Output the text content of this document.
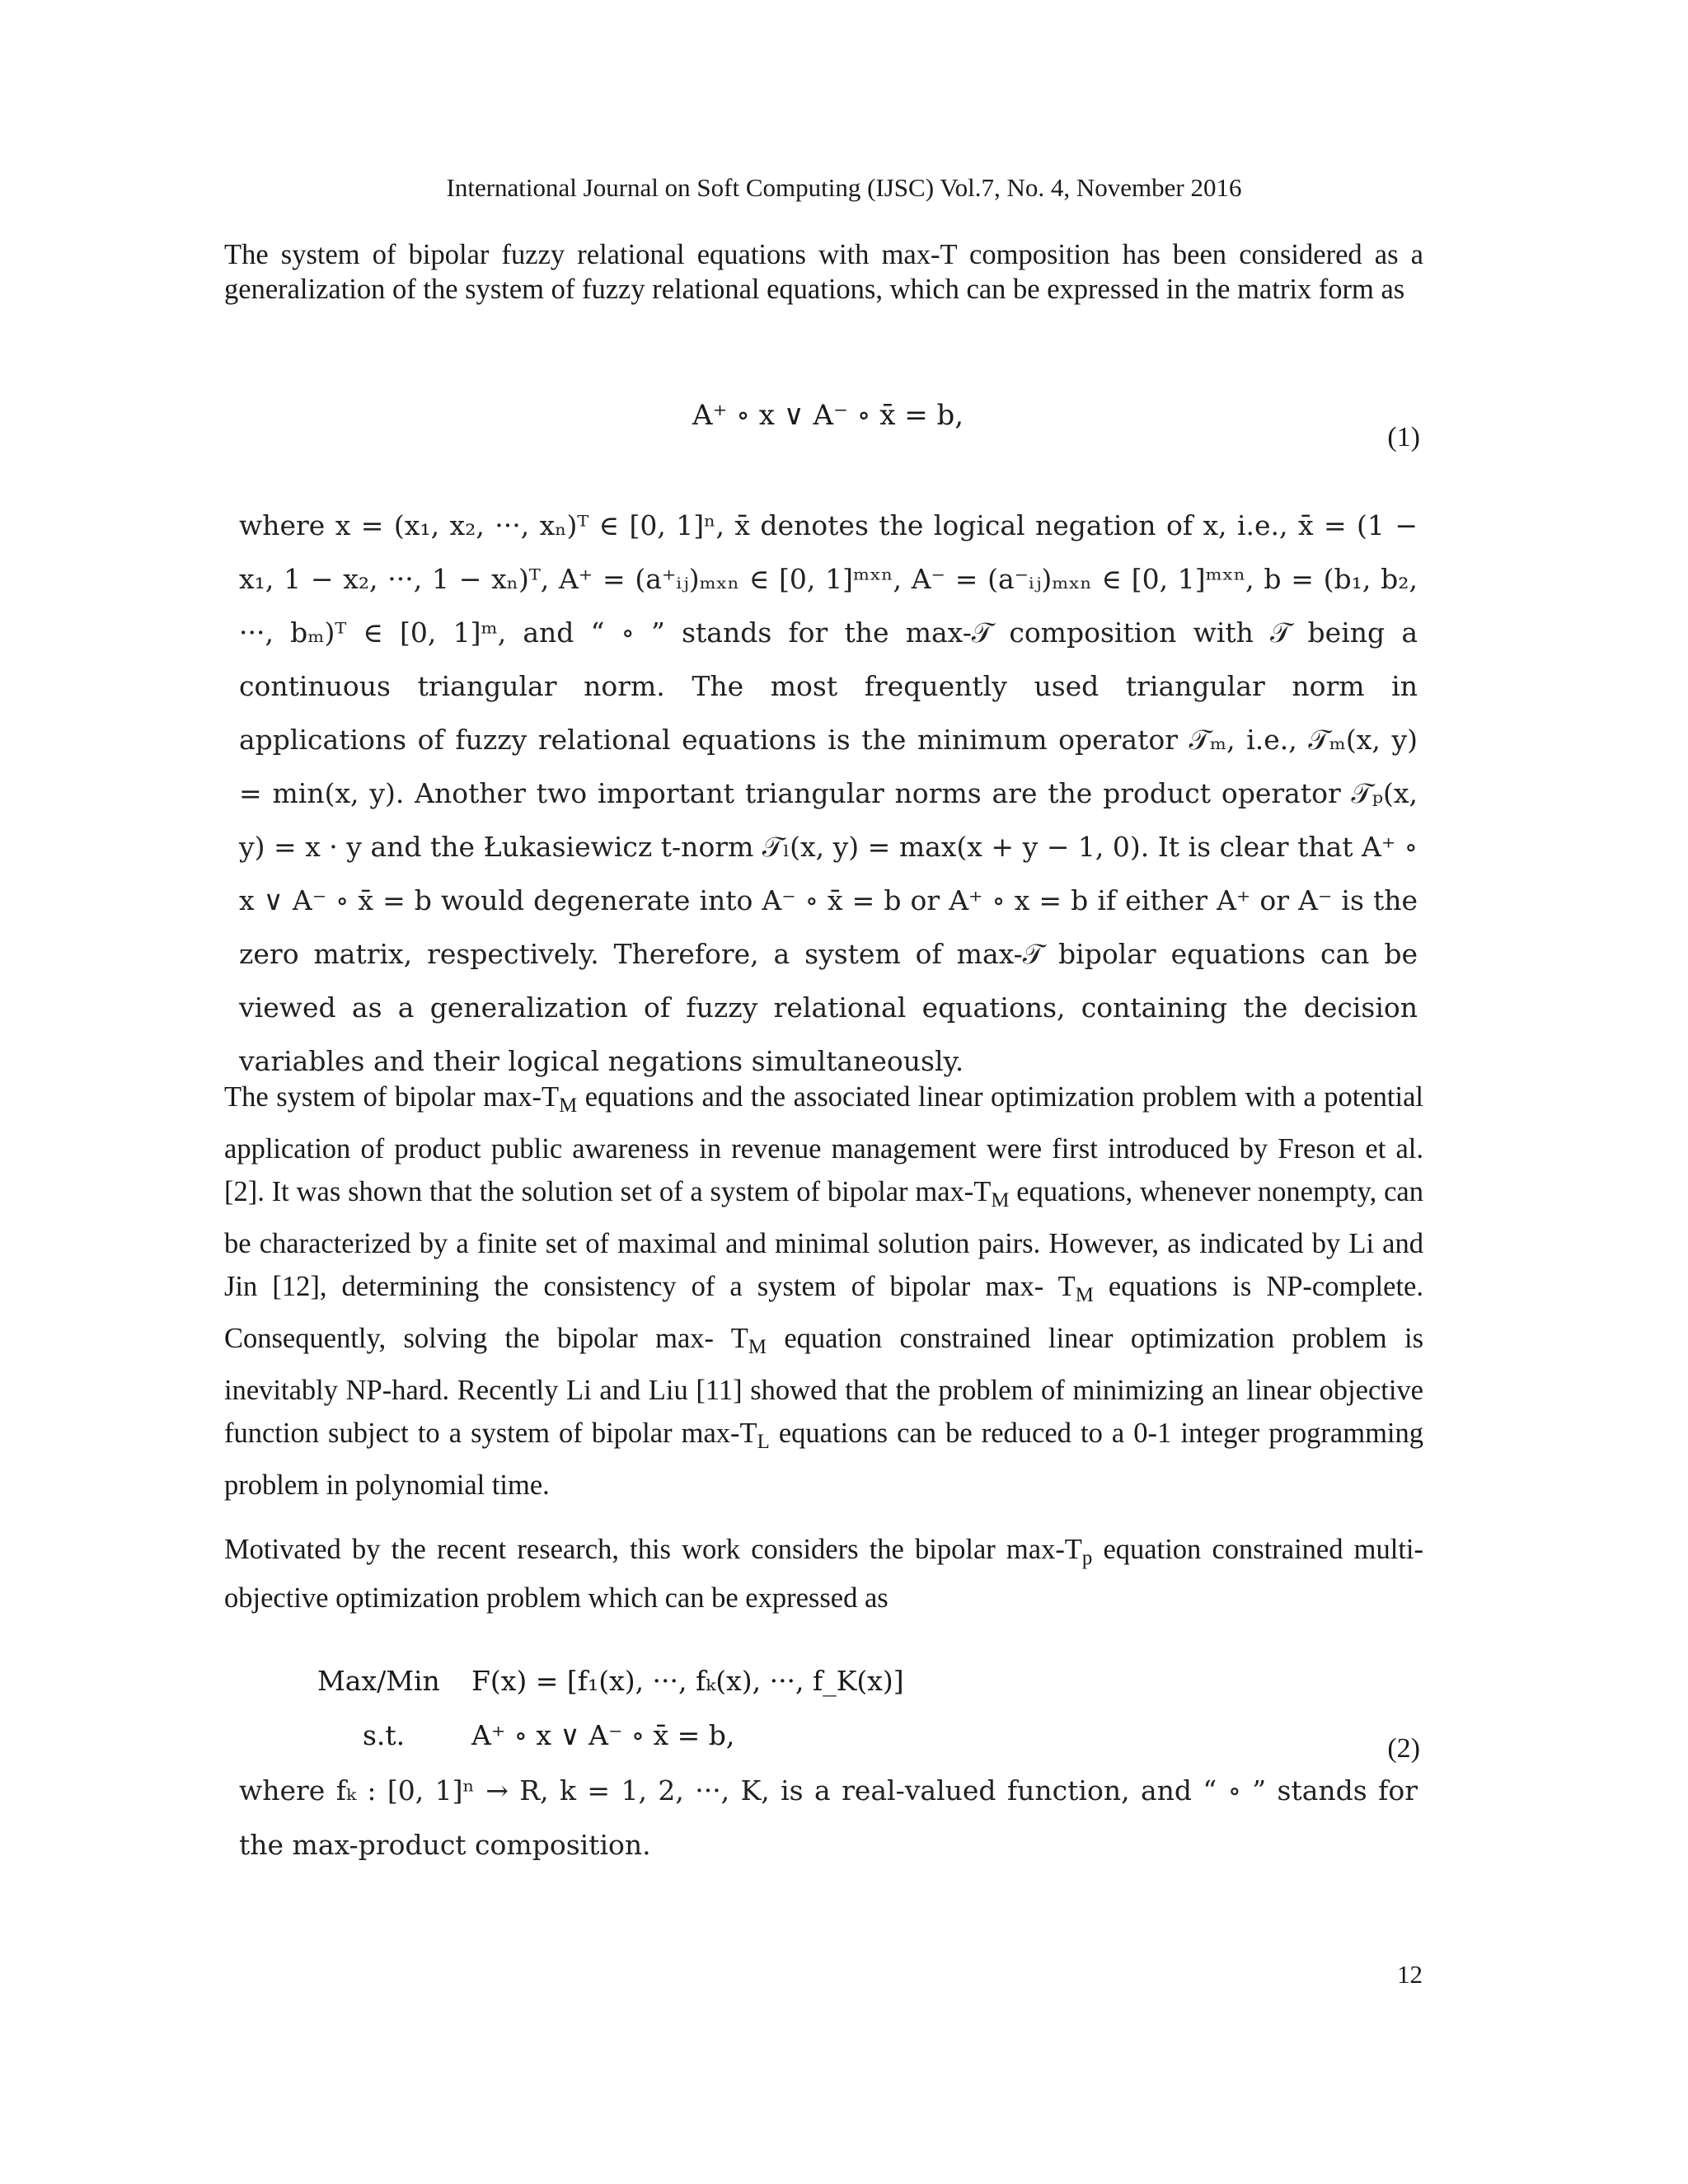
International Journal on Soft Computing (IJSC) Vol.7, No. 4, November 2016

The system of bipolar fuzzy relational equations with max-T composition has been considered as a generalization of the system of fuzzy relational equations, which can be expressed in the matrix form as

A⁺ ∘ x ∨ A⁻ ∘ x̄ = b,
(1)

where x = (x₁, x₂, ···, xₙ)ᵀ ∈ [0, 1]ⁿ, x̄ denotes the logical negation of x, i.e., x̄ = (1 − x₁, 1 − x₂, ···, 1 − xₙ)ᵀ, A⁺ = (a⁺ᵢⱼ)ₘₓₙ ∈ [0, 1]ᵐˣⁿ, A⁻ = (a⁻ᵢⱼ)ₘₓₙ ∈ [0, 1]ᵐˣⁿ, b = (b₁, b₂, ···, bₘ)ᵀ ∈ [0, 1]ᵐ, and “ ∘ ” stands for the max-𝒯 composition with 𝒯 being a continuous triangular norm. The most frequently used triangular norm in applications of fuzzy relational equations is the minimum operator 𝒯ₘ, i.e., 𝒯ₘ(x, y) = min(x, y). Another two important triangular norms are the product operator 𝒯ₚ(x, y) = x · y and the Łukasiewicz t-norm 𝒯ₗ(x, y) = max(x + y − 1, 0). It is clear that A⁺ ∘ x ∨ A⁻ ∘ x̄ = b would degenerate into A⁻ ∘ x̄ = b or A⁺ ∘ x = b if either A⁺ or A⁻ is the zero matrix, respectively. Therefore, a system of max-𝒯 bipolar equations can be viewed as a generalization of fuzzy relational equations, containing the decision variables and their logical negations simultaneously.

The system of bipolar $\max-T_M$ equations and the associated linear optimization problem with a potential application of product public awareness in revenue management were first introduced by Freson et al. [2]. It was shown that the solution set of a system of bipolar $\max-T_M$ equations, whenever nonempty, can be characterized by a finite set of maximal and minimal solution pairs. However, as indicated by Li and Jin [12], determining the consistency of a system of bipolar max- $T_M$ equations is NP-complete. Consequently, solving the bipolar max- $T_M$ equation constrained linear optimization problem is inevitably NP-hard. Recently Li and Liu [11] showed that the problem of minimizing an linear objective function subject to a system of bipolar $\max-T_L$ equations can be reduced to a 0-1 integer programming problem in polynomial time.

Motivated by the recent research, this work considers the bipolar $\max-T_p$ equation constrained multi-objective optimization problem which can be expressed as

Max/Min F(x) = [f₁(x), ···, fₖ(x), ···, f_K(x)]
s.t. A⁺ ∘ x ∨ A⁻ ∘ x̄ = b,	(2)

where fₖ : [0, 1]ⁿ → R, k = 1, 2, ···, K, is a real-valued function, and “ ∘ ” stands for the max-product composition.

12
